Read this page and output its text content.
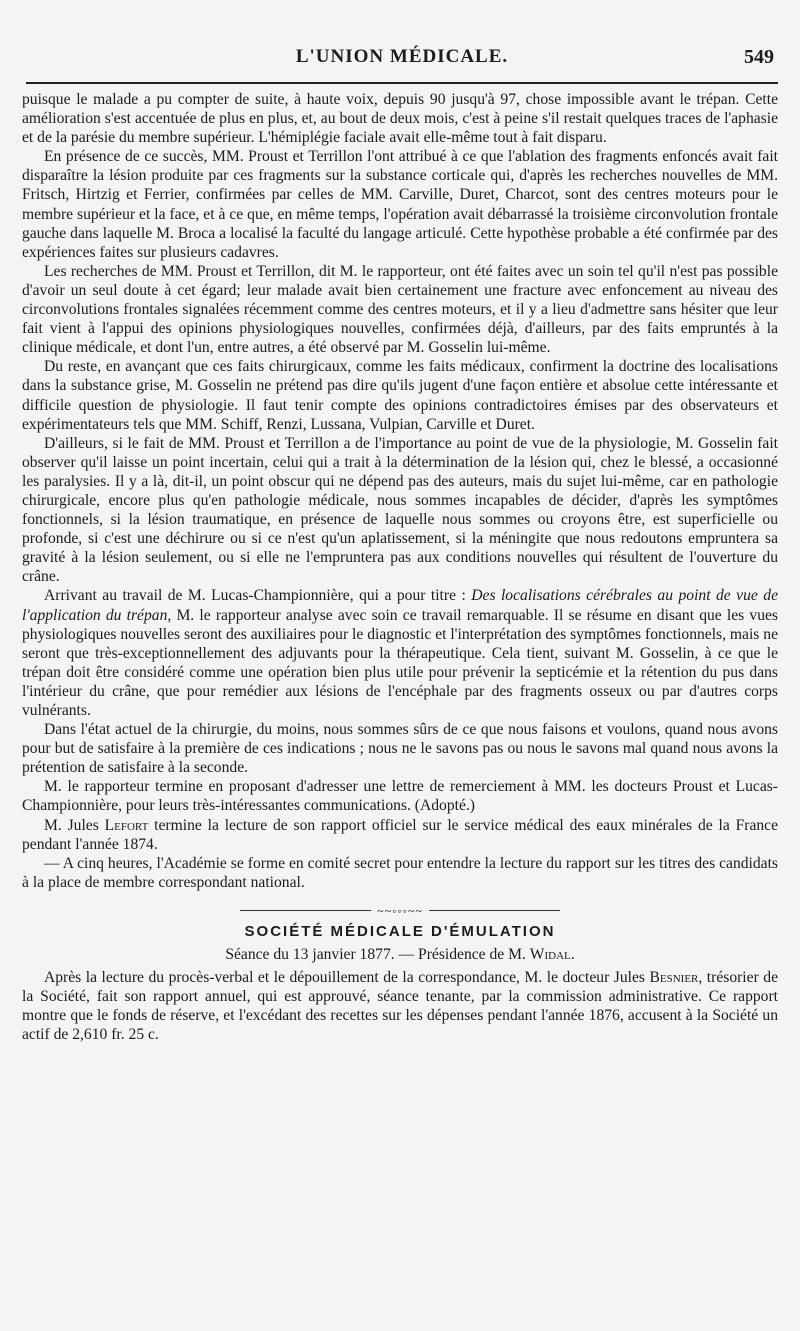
L'UNION MÉDICALE.	549

puisque le malade a pu compter de suite, à haute voix, depuis 90 jusqu'à 97, chose impossible avant le trépan. Cette amélioration s'est accentuée de plus en plus, et, au bout de deux mois, c'est à peine s'il restait quelques traces de l'aphasie et de la parésie du membre supérieur. L'hémiplégie faciale avait elle-même tout à fait disparu.

En présence de ce succès, MM. Proust et Terrillon l'ont attribué à ce que l'ablation des fragments enfoncés avait fait disparaître la lésion produite par ces fragments sur la substance corticale qui, d'après les recherches nouvelles de MM. Fritsch, Hirtzig et Ferrier, confirmées par celles de MM. Carville, Duret, Charcot, sont des centres moteurs pour le membre supérieur et la face, et à ce que, en même temps, l'opération avait débarrassé la troisième circonvolution frontale gauche dans laquelle M. Broca a localisé la faculté du langage articulé. Cette hypothèse probable a été confirmée par des expériences faites sur plusieurs cadavres.

Les recherches de MM. Proust et Terrillon, dit M. le rapporteur, ont été faites avec un soin tel qu'il n'est pas possible d'avoir un seul doute à cet égard; leur malade avait bien certainement une fracture avec enfoncement au niveau des circonvolutions frontales signalées récemment comme des centres moteurs, et il y a lieu d'admettre sans hésiter que leur fait vient à l'appui des opinions physiologiques nouvelles, confirmées déjà, d'ailleurs, par des faits empruntés à la clinique médicale, et dont l'un, entre autres, a été observé par M. Gosselin lui-même.

Du reste, en avançant que ces faits chirurgicaux, comme les faits médicaux, confirment la doctrine des localisations dans la substance grise, M. Gosselin ne prétend pas dire qu'ils jugent d'une façon entière et absolue cette intéressante et difficile question de physiologie. Il faut tenir compte des opinions contradictoires émises par des observateurs et expérimentateurs tels que MM. Schiff, Renzi, Lussana, Vulpian, Carville et Duret.

D'ailleurs, si le fait de MM. Proust et Terrillon a de l'importance au point de vue de la physiologie, M. Gosselin fait observer qu'il laisse un point incertain, celui qui a trait à la détermination de la lésion qui, chez le blessé, a occasionné les paralysies. Il y a là, dit-il, un point obscur qui ne dépend pas des auteurs, mais du sujet lui-même, car en pathologie chirurgicale, encore plus qu'en pathologie médicale, nous sommes incapables de décider, d'après les symptômes fonctionnels, si la lésion traumatique, en présence de laquelle nous sommes ou croyons être, est superficielle ou profonde, si c'est une déchirure ou si ce n'est qu'un aplatissement, si la méningite que nous redoutons empruntera sa gravité à la lésion seulement, ou si elle ne l'empruntera pas aux conditions nouvelles qui résultent de l'ouverture du crâne.

Arrivant au travail de M. Lucas-Championnière, qui a pour titre : Des localisations cérébrales au point de vue de l'application du trépan, M. le rapporteur analyse avec soin ce travail remarquable. Il se résume en disant que les vues physiologiques nouvelles seront des auxiliaires pour le diagnostic et l'interprétation des symptômes fonctionnels, mais ne seront que très-exceptionnellement des adjuvants pour la thérapeutique. Cela tient, suivant M. Gosselin, à ce que le trépan doit être considéré comme une opération bien plus utile pour prévenir la septicémie et la rétention du pus dans l'intérieur du crâne, que pour remédier aux lésions de l'encéphale par des fragments osseux ou par d'autres corps vulnérants.

Dans l'état actuel de la chirurgie, du moins, nous sommes sûrs de ce que nous faisons et voulons, quand nous avons pour but de satisfaire à la première de ces indications ; nous ne le savons pas ou nous le savons mal quand nous avons la prétention de satisfaire à la seconde.

M. le rapporteur termine en proposant d'adresser une lettre de remerciement à MM. les docteurs Proust et Lucas-Championnière, pour leurs très-intéressantes communications. (Adopté.)

M. Jules Lefort termine la lecture de son rapport officiel sur le service médical des eaux minérales de la France pendant l'année 1874.

— A cinq heures, l'Académie se forme en comité secret pour entendre la lecture du rapport sur les titres des candidats à la place de membre correspondant national.

~~◦◦◦~~
SOCIÉTÉ MÉDICALE D'ÉMULATION
Séance du 13 janvier 1877. — Présidence de M. Widal.

Après la lecture du procès-verbal et le dépouillement de la correspondance, M. le docteur Jules Besnier, trésorier de la Société, fait son rapport annuel, qui est approuvé, séance tenante, par la commission administrative. Ce rapport montre que le fonds de réserve, et l'excédant des recettes sur les dépenses pendant l'année 1876, accusent à la Société un actif de 2,610 fr. 25 c.
